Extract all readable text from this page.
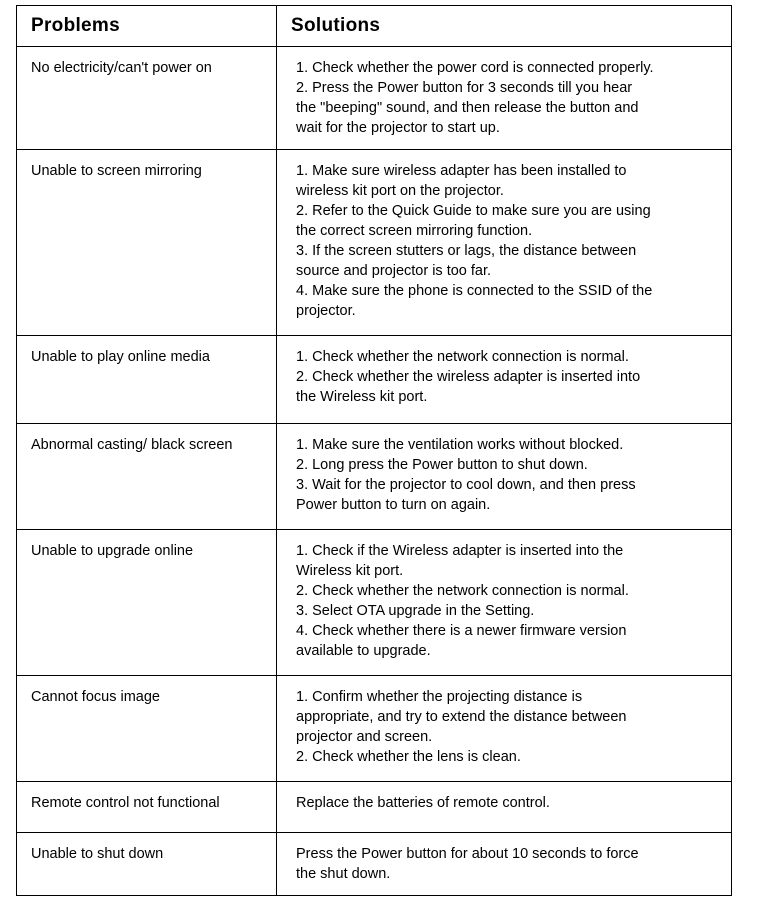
Problems	Solutions
No electricity/can't power on	1. Check whether the power cord is connected properly.
2. Press the Power button for 3 seconds till you hear
the "beeping" sound, and then release the button and
wait for the projector to start up.

Unable to screen mirroring	1. Make sure wireless adapter has been installed to
wireless kit port on the projector.
2. Refer to the Quick Guide to make sure you are using
the correct screen mirroring function.
3. If the screen stutters or lags, the distance between
source and projector is too far.
4. Make sure the phone is connected to the SSID of the
projector.

Unable to play online media	1. Check whether the network connection is normal.
2. Check whether the wireless adapter is inserted into
the Wireless kit port.

Abnormal casting/ black screen	1. Make sure the ventilation works without blocked.
2. Long press the Power button to shut down.
3. Wait for the projector to cool down, and then press
Power button to turn on again.

Unable to upgrade online	1. Check if the Wireless adapter is inserted into the
Wireless kit port.
2. Check whether the network connection is normal.
3. Select OTA upgrade in the Setting.
4. Check whether there is a newer firmware version
available to upgrade.

Cannot focus image	1. Confirm whether the projecting distance is
appropriate, and try to extend the distance between
projector and screen.
2. Check whether the lens is clean.

Remote control not functional	Replace the batteries of remote control.

Unable to shut down	Press the Power button for about 10 seconds to force
the shut down.
